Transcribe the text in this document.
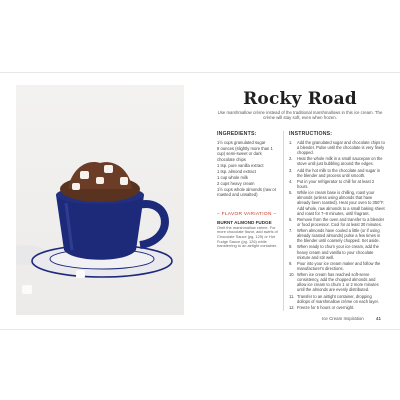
Rocky Road
Use marshmallow crème instead of the traditional marshmallows in this ice cream. The crème will stay soft, even when frozen.
INGREDIENTS:
1½ cups granulated sugar
8 ounces (slightly more than 1 cup) semi-sweet or dark chocolate chips
1 tsp. pure vanilla extract
1 tsp. almond extract
1 cup whole milk
2 cups heavy cream
1½ cups whole almonds (raw or roasted and unsalted)
– FLAVOR VARIATION –
BURNT ALMOND FUDGE
Omit the marshmallow crème. For more chocolate flavor, add swirls of Chocolate Sauce (pg. 125) or Hot Fudge Sauce (pg. 126) while transferring to an airtight container.
INSTRUCTIONS:
1.	Add the granulated sugar and chocolate chips to a blender. Pulse until the chocolate is very finely chopped.
2.	Heat the whole milk in a small saucepan on the stove until just bubbling around the edges.
3.	Add the hot milk to the chocolate and sugar in the blender and process until smooth.
4.	Put in your refrigerator to chill for at least 2 hours.
5.	While ice cream base is chilling, roast your almonds (unless using almonds that have already been roasted). Heat your oven to 350°F. Add whole, raw almonds to a small baking sheet and roast for 7–8 minutes, until fragrant.
6.	Remove from the oven and transfer to a blender or food processor. Cool for at least 30 minutes.
7.	When almonds have cooled a little (or if using already roasted almonds) pulse a few times in the blender until coarsely chopped. Set aside.
8.	When ready to churn your ice cream, add the heavy cream and vanilla to your chocolate mixture and stir well.
9.	Pour into your ice cream maker and follow the manufacturer's directions.
10. When ice cream has reached soft-serve consistency, add the chopped almonds and allow ice cream to churn 1 or 2 more minutes until the almonds are evenly distributed.
11. Transfer to an airtight container, dropping dollops of marshmallow crème on each layer.
12. Freeze for 6 hours or overnight.
Ice Cream Inspiration	41
